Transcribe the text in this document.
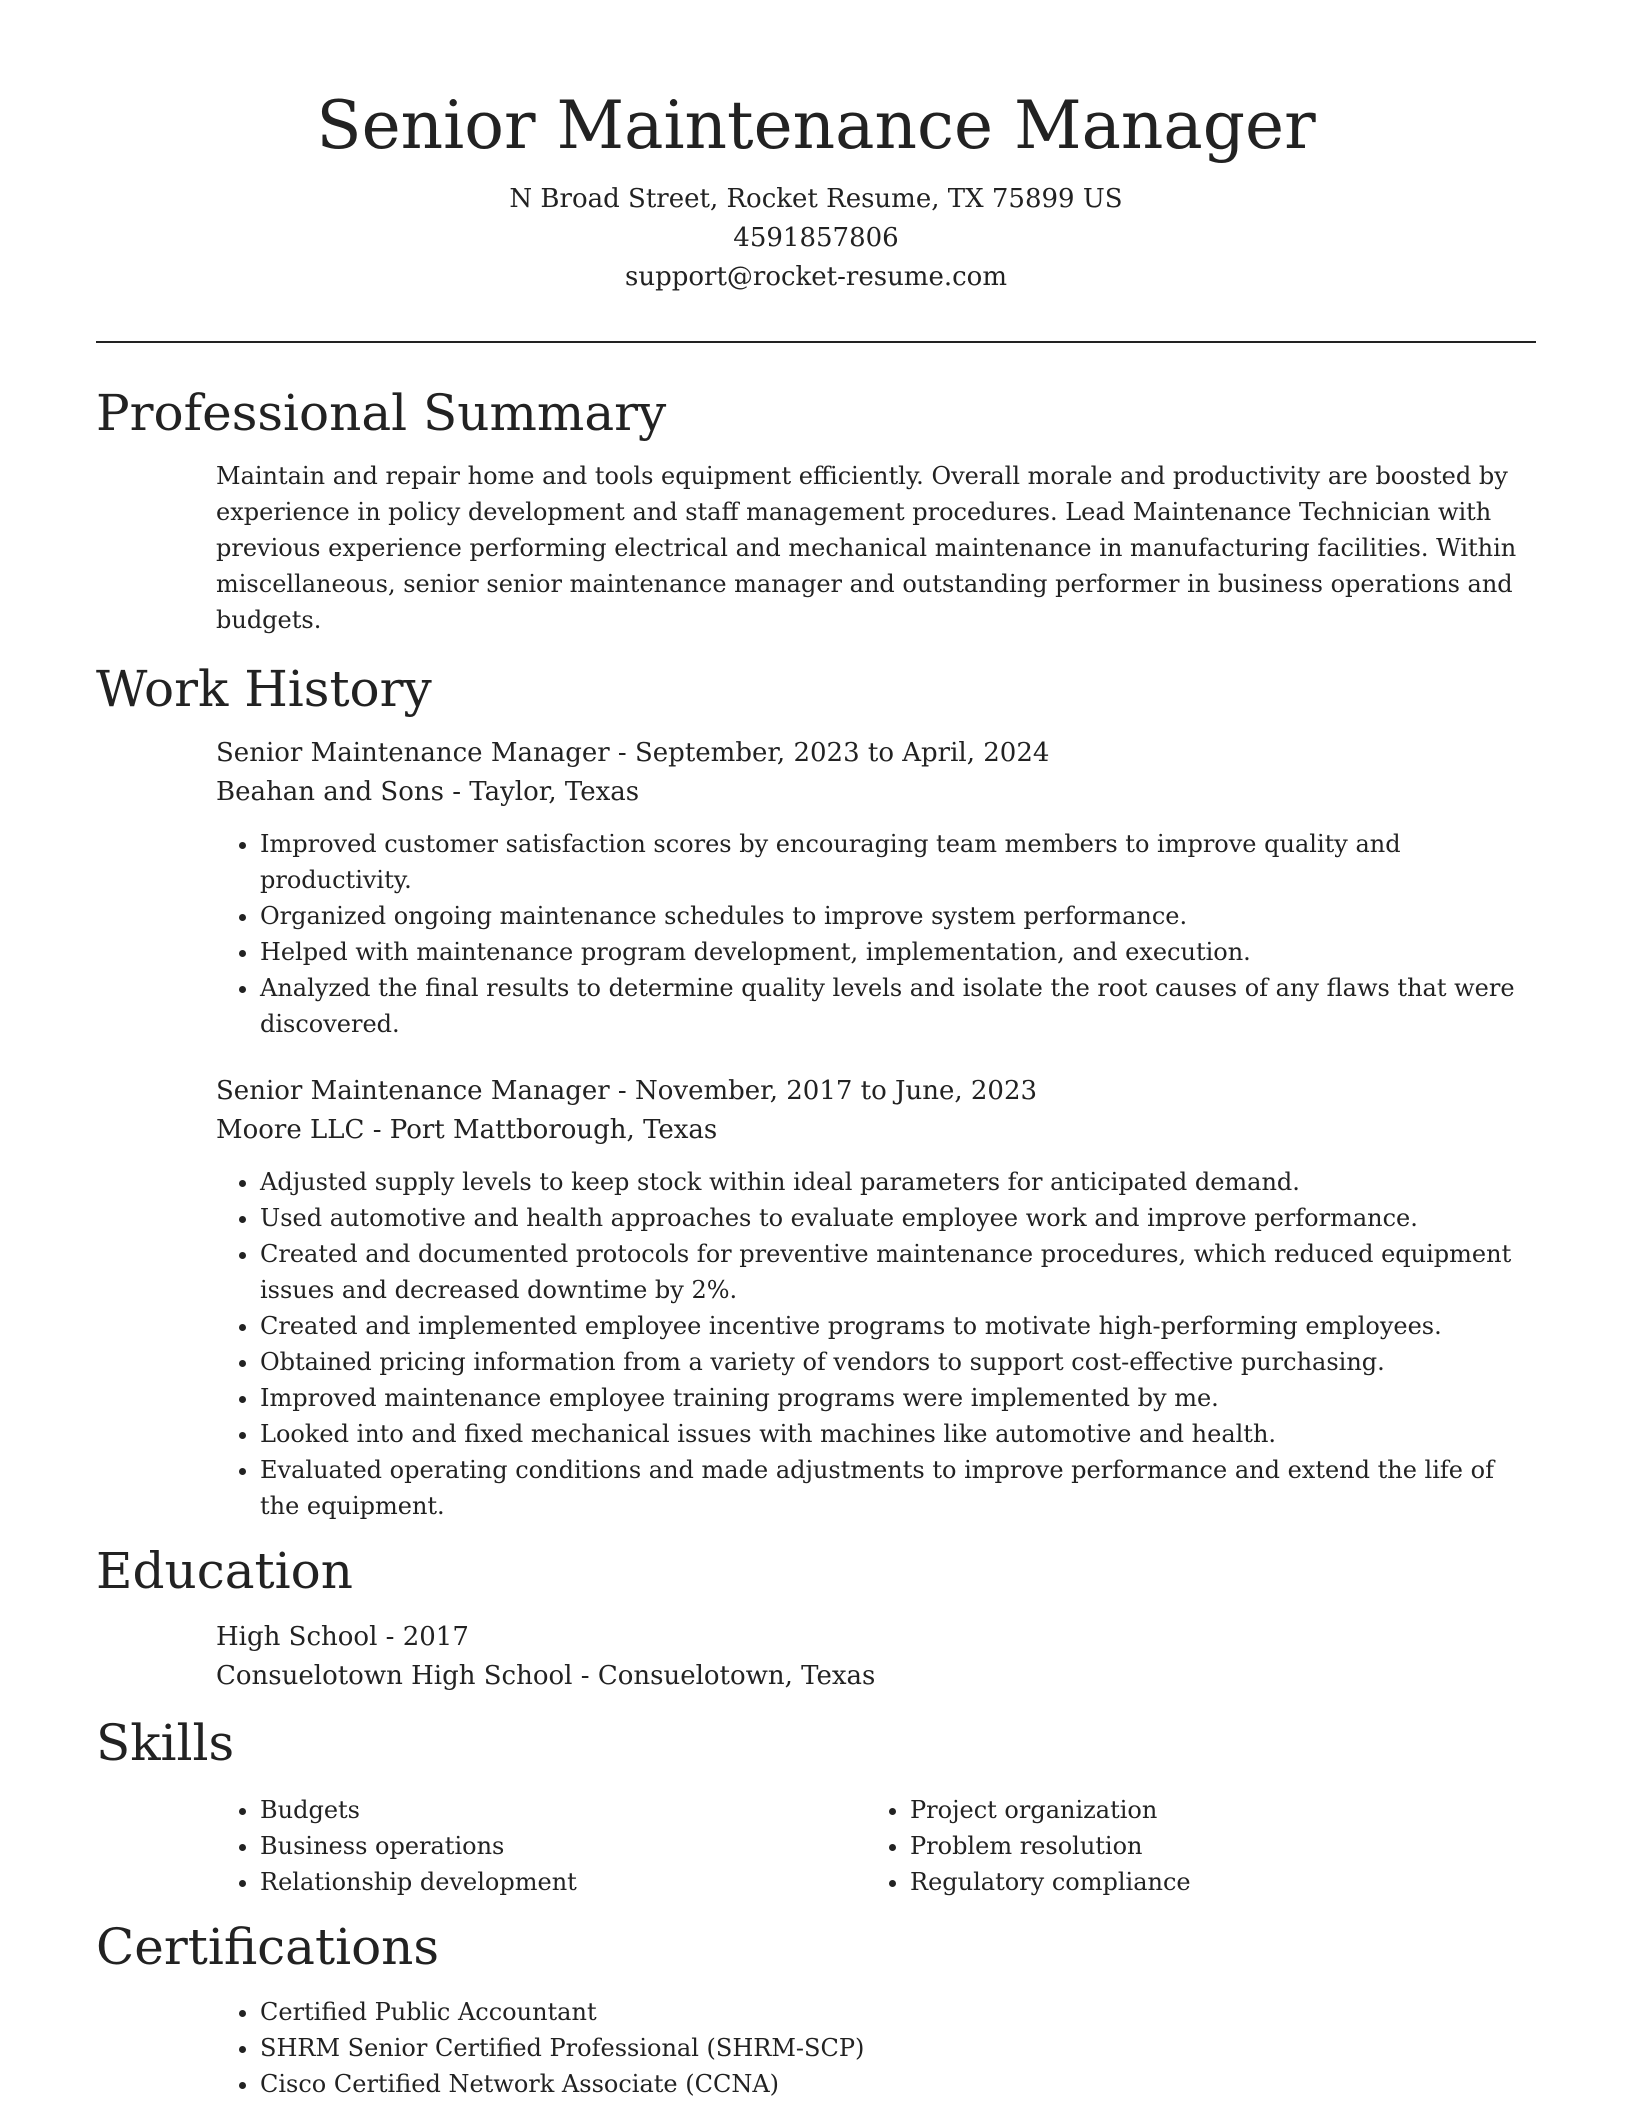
Senior Maintenance Manager
N Broad Street, Rocket Resume, TX 75899 US
4591857806
support@rocket-resume.com
Professional Summary

Maintain and repair home and tools equipment efficiently. Overall morale and productivity are boosted by experience in policy development and staff management procedures. Lead Maintenance Technician with previous experience performing electrical and mechanical maintenance in manufacturing facilities. Within miscellaneous, senior senior maintenance manager and outstanding performer in business operations and budgets.

Work History
Senior Maintenance Manager - September, 2023 to April, 2024
Beahan and Sons - Taylor, Texas
• Improved customer satisfaction scores by encouraging team members to improve quality and productivity.
• Organized ongoing maintenance schedules to improve system performance.
• Helped with maintenance program development, implementation, and execution.
• Analyzed the final results to determine quality levels and isolate the root causes of any flaws that were discovered.
Senior Maintenance Manager - November, 2017 to June, 2023
Moore LLC - Port Mattborough, Texas
• Adjusted supply levels to keep stock within ideal parameters for anticipated demand.
• Used automotive and health approaches to evaluate employee work and improve performance.
• Created and documented protocols for preventive maintenance procedures, which reduced equipment issues and decreased downtime by 2%.
• Created and implemented employee incentive programs to motivate high-performing employees.
• Obtained pricing information from a variety of vendors to support cost-effective purchasing.
• Improved maintenance employee training programs were implemented by me.
• Looked into and fixed mechanical issues with machines like automotive and health.
• Evaluated operating conditions and made adjustments to improve performance and extend the life of the equipment.
Education
High School - 2017
Consuelotown High School - Consuelotown, Texas
Skills
• Budgets
• Business operations
• Relationship development
• Project organization
• Problem resolution
• Regulatory compliance
Certifications
• Certified Public Accountant
• SHRM Senior Certified Professional (SHRM-SCP)
• Cisco Certified Network Associate (CCNA)
